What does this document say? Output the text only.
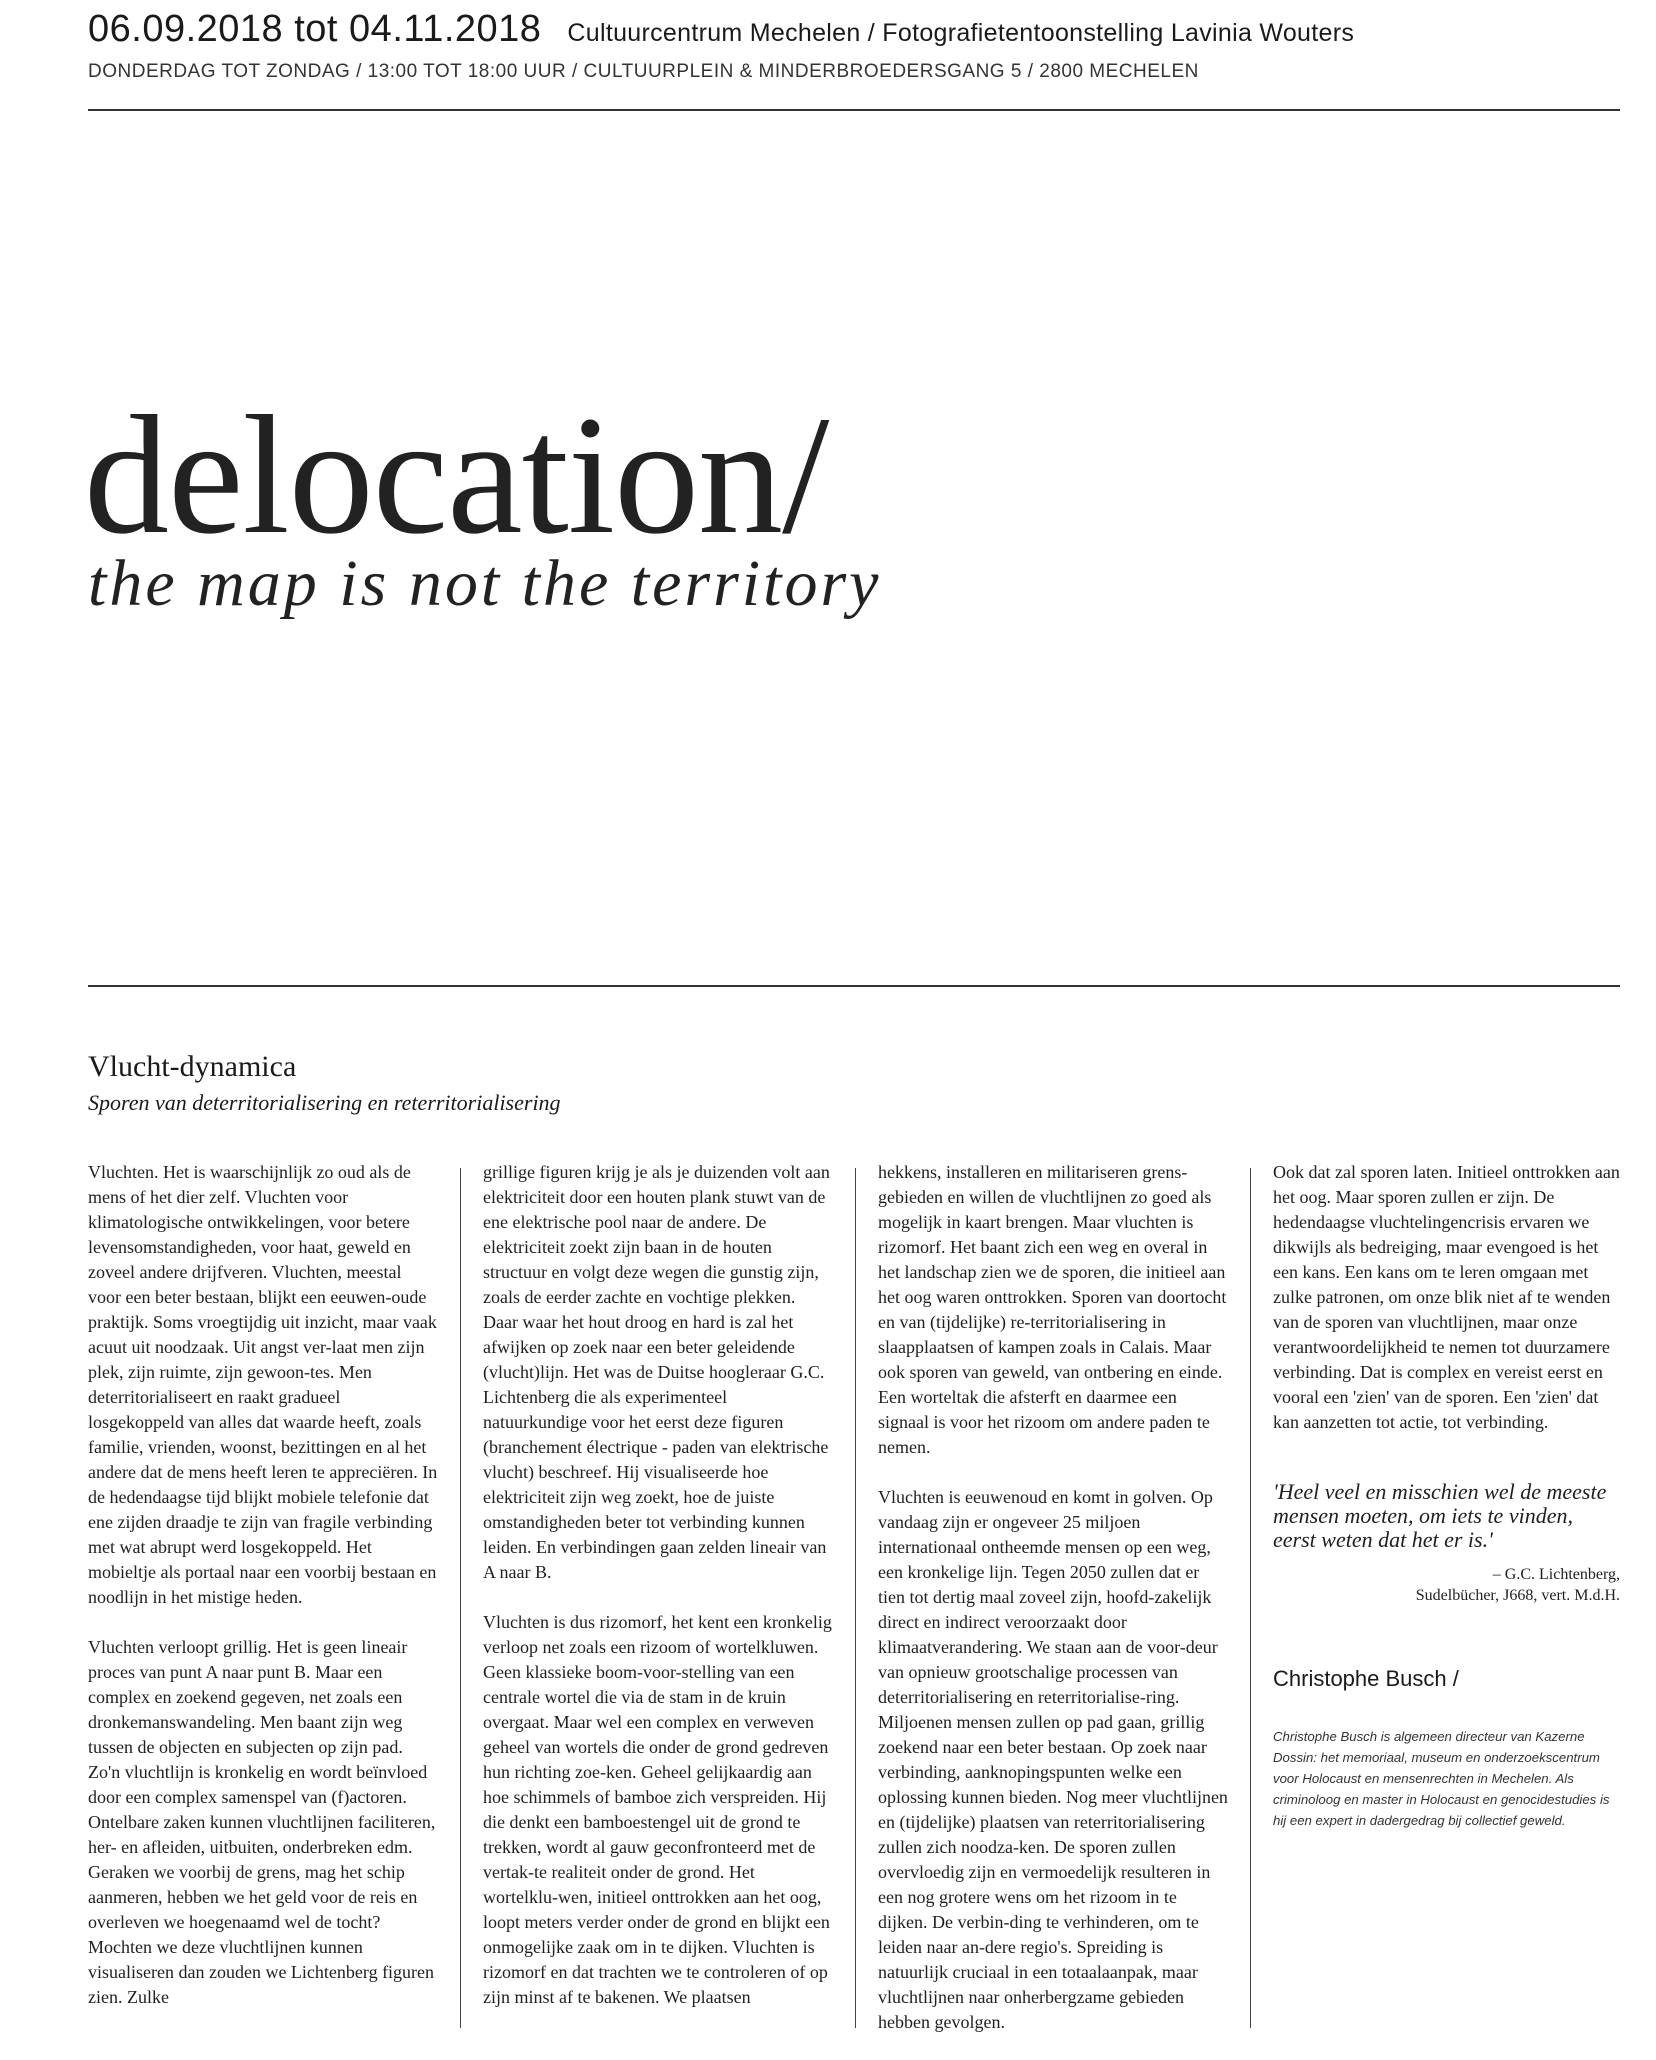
06.09.2018 tot 04.11.2018 Cultuurcentrum Mechelen / Fotografietentoonstelling Lavinia Wouters
DONDERDAG TOT ZONDAG / 13:00 TOT 18:00 UUR / CULTUURPLEIN & MINDERBROEDERSGANG 5 / 2800 MECHELEN
delocation/
the map is not the territory
Vlucht-dynamica
Sporen van deterritorialisering en reterritorialisering

Vluchten. Het is waarschijnlijk zo oud als de mens of het dier zelf. Vluchten voor klimatologische ontwikkelingen, voor betere levensomstandigheden, voor haat, geweld en zoveel andere drijfveren. Vluchten, meestal voor een beter bestaan, blijkt een eeuwen-oude praktijk. Soms vroegtijdig uit inzicht, maar vaak acuut uit noodzaak. Uit angst ver-laat men zijn plek, zijn ruimte, zijn gewoon-tes. Men deterritorialiseert en raakt gradueel losgekoppeld van alles dat waarde heeft, zoals familie, vrienden, woonst, bezittingen en al het andere dat de mens heeft leren te appreciëren. In de hedendaagse tijd blijkt mobiele telefonie dat ene zijden draadje te zijn van fragile verbinding met wat abrupt werd losgekoppeld. Het mobieltje als portaal naar een voorbij bestaan en noodlijn in het mistige heden.

Vluchten verloopt grillig. Het is geen lineair proces van punt A naar punt B. Maar een complex en zoekend gegeven, net zoals een dronkemanswandeling. Men baant zijn weg tussen de objecten en subjecten op zijn pad. Zo'n vluchtlijn is kronkelig en wordt beïnvloed door een complex samenspel van (f)actoren. Ontelbare zaken kunnen vluchtlijnen faciliteren, her- en afleiden, uitbuiten, onderbreken edm. Geraken we voorbij de grens, mag het schip aanmeren, hebben we het geld voor de reis en overleven we hoegenaamd wel de tocht? Mochten we deze vluchtlijnen kunnen visualiseren dan zouden we Lichtenberg figuren zien. Zulke

grillige figuren krijg je als je duizenden volt aan elektriciteit door een houten plank stuwt van de ene elektrische pool naar de andere. De elektriciteit zoekt zijn baan in de houten structuur en volgt deze wegen die gunstig zijn, zoals de eerder zachte en vochtige plekken. Daar waar het hout droog en hard is zal het afwijken op zoek naar een beter geleidende (vlucht)lijn. Het was de Duitse hoogleraar G.C. Lichtenberg die als experimenteel natuurkundige voor het eerst deze figuren (branchement électrique - paden van elektrische vlucht) beschreef. Hij visualiseerde hoe elektriciteit zijn weg zoekt, hoe de juiste omstandigheden beter tot verbinding kunnen leiden. En verbindingen gaan zelden lineair van A naar B.

Vluchten is dus rizomorf, het kent een kronkelig verloop net zoals een rizoom of wortelkluwen. Geen klassieke boom-voor-stelling van een centrale wortel die via de stam in de kruin overgaat. Maar wel een complex en verweven geheel van wortels die onder de grond gedreven hun richting zoe-ken. Geheel gelijkaardig aan hoe schimmels of bamboe zich verspreiden. Hij die denkt een bamboestengel uit de grond te trekken, wordt al gauw geconfronteerd met de vertak-te realiteit onder de grond. Het wortelklu-wen, initieel onttrokken aan het oog, loopt meters verder onder de grond en blijkt een onmogelijke zaak om in te dijken. Vluchten is rizomorf en dat trachten we te controleren of op zijn minst af te bakenen. We plaatsen

hekkens, installeren en militariseren grens-gebieden en willen de vluchtlijnen zo goed als mogelijk in kaart brengen. Maar vluchten is rizomorf. Het baant zich een weg en overal in het landschap zien we de sporen, die initieel aan het oog waren onttrokken. Sporen van doortocht en van (tijdelijke) re-territorialisering in slaapplaatsen of kampen zoals in Calais. Maar ook sporen van geweld, van ontbering en einde. Een worteltak die afsterft en daarmee een signaal is voor het rizoom om andere paden te nemen.

Vluchten is eeuwenoud en komt in golven. Op vandaag zijn er ongeveer 25 miljoen internationaal ontheemde mensen op een weg, een kronkelige lijn. Tegen 2050 zullen dat er tien tot dertig maal zoveel zijn, hoofd-zakelijk direct en indirect veroorzaakt door klimaatverandering. We staan aan de voor-deur van opnieuw grootschalige processen van deterritorialisering en reterritorialise-ring. Miljoenen mensen zullen op pad gaan, grillig zoekend naar een beter bestaan. Op zoek naar verbinding, aanknopingspunten welke een oplossing kunnen bieden. Nog meer vluchtlijnen en (tijdelijke) plaatsen van reterritorialisering zullen zich noodza-ken. De sporen zullen overvloedig zijn en vermoedelijk resulteren in een nog grotere wens om het rizoom in te dijken. De verbin-ding te verhinderen, om te leiden naar an-dere regio's. Spreiding is natuurlijk cruciaal in een totaalaanpak, maar vluchtlijnen naar onherbergzame gebieden hebben gevolgen.

Ook dat zal sporen laten. Initieel onttrokken aan het oog. Maar sporen zullen er zijn. De hedendaagse vluchtelingencrisis ervaren we dikwijls als bedreiging, maar evengoed is het een kans. Een kans om te leren omgaan met zulke patronen, om onze blik niet af te wenden van de sporen van vluchtlijnen, maar onze verantwoordelijkheid te nemen tot duurzamere verbinding. Dat is complex en vereist eerst en vooral een 'zien' van de sporen. Een 'zien' dat kan aanzetten tot actie, tot verbinding.

'Heel veel en misschien wel de meeste mensen moeten, om iets te vinden, eerst weten dat het er is.'
– G.C. Lichtenberg,
Sudelbücher, J668, vert. M.d.H.
Christophe Busch /
Christophe Busch is algemeen directeur van Kazerne Dossin: het memoriaal, museum en onderzoekscentrum voor Holocaust en mensenrechten in Mechelen. Als criminoloog en master in Holocaust en genocidestudies is hij een expert in dadergedrag bij collectief geweld.
